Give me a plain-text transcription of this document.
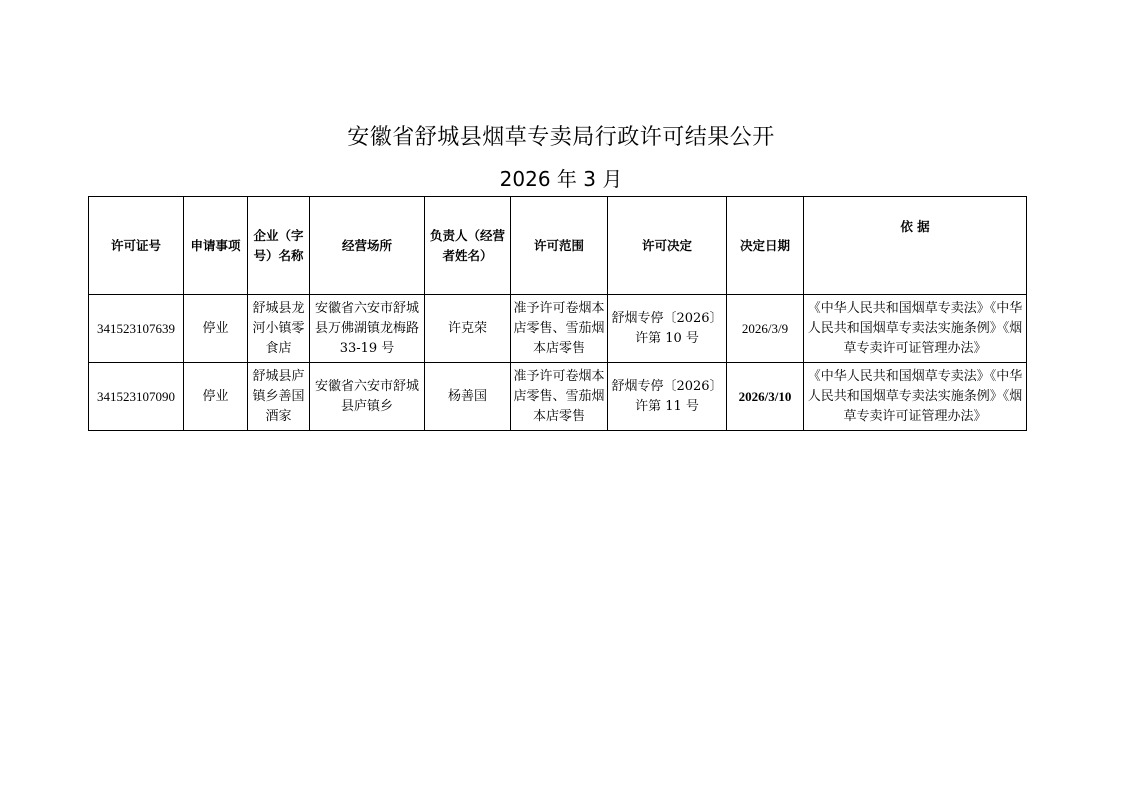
安徽省舒城县烟草专卖局行政许可结果公开
2026 年 3 月
许可证号	申请事项	企业（字号）名称	经营场所	负责人（经营者姓名）	许可范围	许可决定	决定日期	依 据
341523107639	停业	舒城县龙河小镇零食店	安徽省六安市舒城县万佛湖镇龙梅路33-19 号	许克荣	准予许可卷烟本店零售、雪茄烟本店零售	舒烟专停〔2026〕许第 10 号	2026/3/9	《中华人民共和国烟草专卖法》《中华人民共和国烟草专卖法实施条例》《烟草专卖许可证管理办法》
341523107090	停业	舒城县庐镇乡善国酒家	安徽省六安市舒城县庐镇乡	杨善国	准予许可卷烟本店零售、雪茄烟本店零售	舒烟专停〔2026〕许第 11 号	2026/3/10	《中华人民共和国烟草专卖法》《中华人民共和国烟草专卖法实施条例》《烟草专卖许可证管理办法》
